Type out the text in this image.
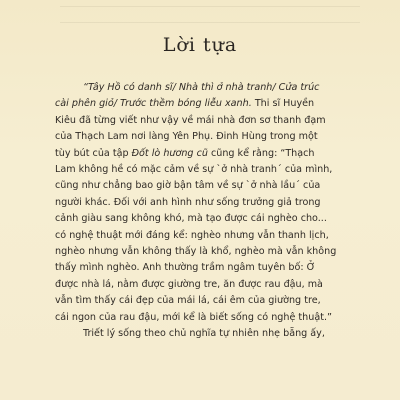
Lời tựa
“Tây Hồ có danh sĩ/ Nhà thì ở nhà tranh/ Cửa trúc
cài phên giỏ/ Trước thềm bóng liễu xanh. Thi sĩ Huyền
Kiêu đã từng viết như vậy về mái nhà đơn sơ thanh đạm
của Thạch Lam nơi làng Yên Phụ. Đinh Hùng trong một
tùy bút của tập Đốt lò hương cũ cũng kể rằng: “Thạch
Lam không hề có mặc cảm về sự `ở nhà tranh´ của mình,
cũng như chẳng bao giờ bận tâm về sự `ở nhà lầu´ của
người khác. Đối với anh hình như sống trưởng giả trong
cảnh giàu sang không khó, mà tạo được cái nghèo cho...
có nghệ thuật mới đáng kể: nghèo nhưng vẫn thanh lịch,
nghèo nhưng vẫn không thấy là khổ, nghèo mà vẫn không
thấy mình nghèo. Anh thường trầm ngâm tuyên bố: Ở
được nhà lá, nằm được giường tre, ăn được rau đậu, mà
vẫn tìm thấy cái đẹp của mái lá, cái êm của giường tre,
cái ngon của rau đậu, mới kể là biết sống có nghệ thuật.”
Triết lý sống theo chủ nghĩa tự nhiên nhẹ bẵng ấy,
